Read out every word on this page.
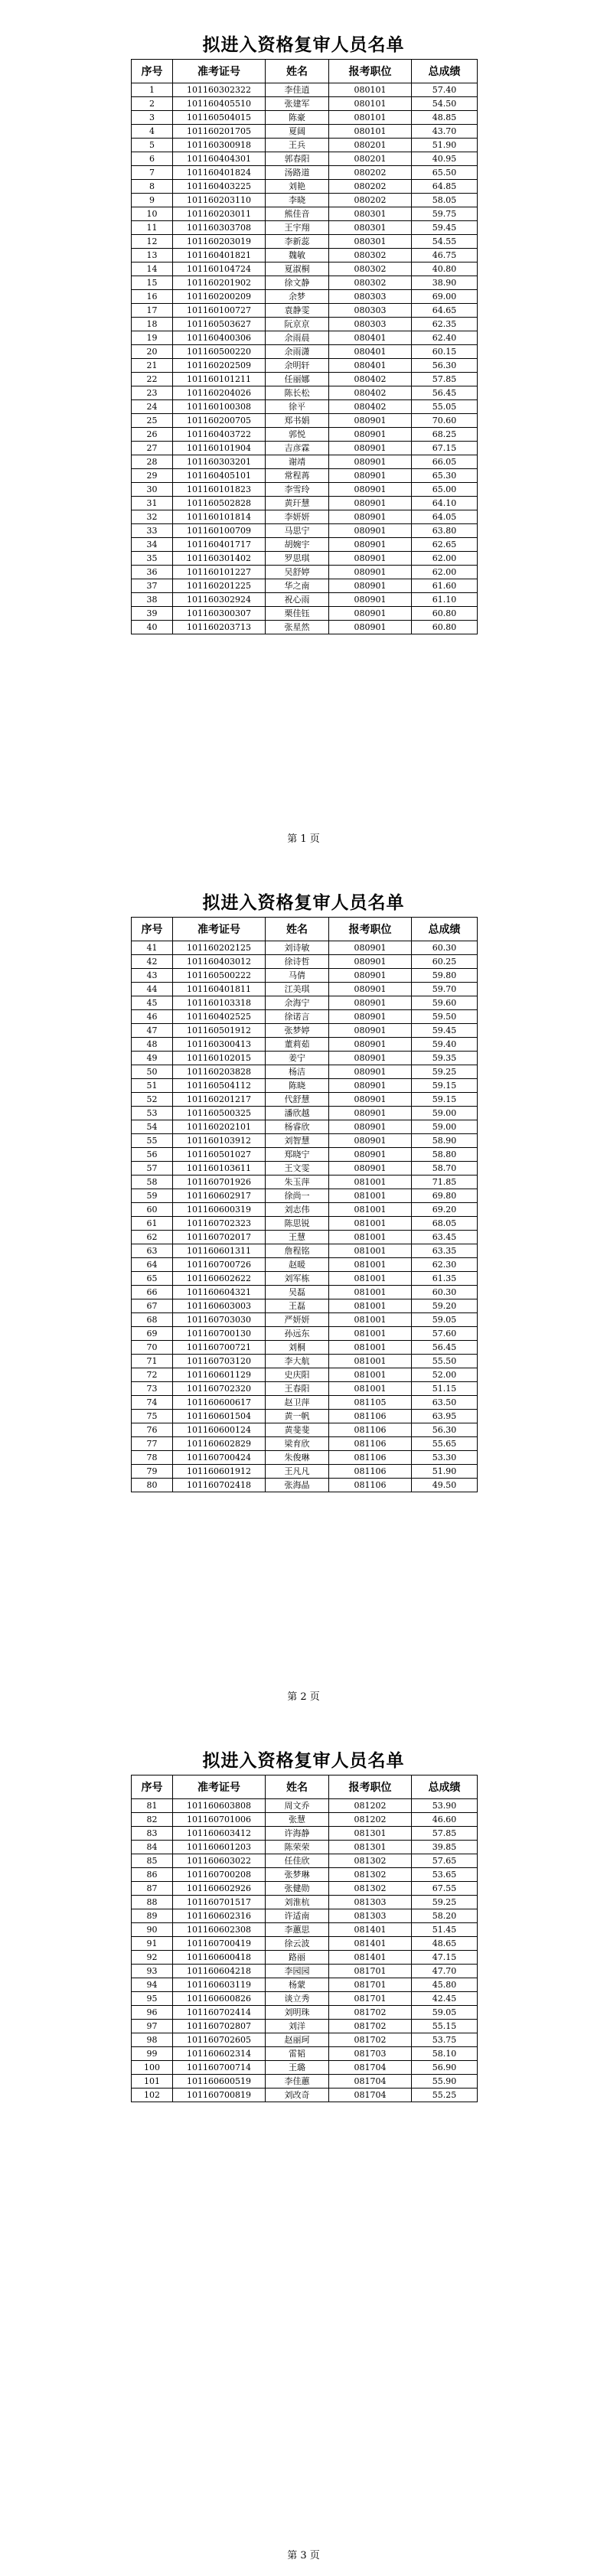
拟进入资格复审人员名单
序号	准考证号	姓名	报考职位	总成绩
1	101160302322	李佳逍	080101	57.40
2	101160405510	张建军	080101	54.50
3	101160504015	陈豪	080101	48.85
4	101160201705	夏阔	080101	43.70
5	101160300918	王兵	080201	51.90
6	101160404301	郭春阳	080201	40.95
7	101160401824	汤路道	080202	65.50
8	101160403225	刘艳	080202	64.85
9	101160203110	李晓	080202	58.05
10	101160203011	熊佳音	080301	59.75
11	101160303708	王宇翔	080301	59.45
12	101160203019	李新蕊	080301	54.55
13	101160401821	魏敏	080302	46.75
14	101160104724	夏淑桐	080302	40.80
15	101160201902	徐文静	080302	38.90
16	101160200209	余梦	080303	69.00
17	101160100727	袁静雯	080303	64.65
18	101160503627	阮京京	080303	62.35
19	101160400306	余雨晨	080401	62.40
20	101160500220	余雨潇	080401	60.15
21	101160202509	余明轩	080401	56.30
22	101160101211	任丽娜	080402	57.85
23	101160204026	陈长松	080402	56.45
24	101160100308	徐平	080402	55.05
25	101160200705	郑书娟	080901	70.60
26	101160403722	郭悦	080901	68.25
27	101160101904	吉彦霖	080901	67.15
28	101160303201	谢靖	080901	66.05
29	101160405101	常程苒	080901	65.30
30	101160101823	李雪玲	080901	65.00
31	101160502828	黄玕慧	080901	64.10
32	101160101814	李妍妍	080901	64.05
33	101160100709	马思宁	080901	63.80
34	101160401717	胡婉宇	080901	62.65
35	101160301402	罗思琪	080901	62.00
36	101160101227	吴舒婷	080901	62.00
37	101160201225	华之南	080901	61.60
38	101160302924	祝心雨	080901	61.10
39	101160300307	栗佳钰	080901	60.80
40	101160203713	张星然	080901	60.80
第 1 页
拟进入资格复审人员名单
序号	准考证号	姓名	报考职位	总成绩
41	101160202125	刘诗敏	080901	60.30
42	101160403012	徐诗哲	080901	60.25
43	101160500222	马倩	080901	59.80
44	101160401811	江美琪	080901	59.70
45	101160103318	余海宁	080901	59.60
46	101160402525	徐诺言	080901	59.50
47	101160501912	张梦婷	080901	59.45
48	101160300413	董莉茹	080901	59.40
49	101160102015	姜宁	080901	59.35
50	101160203828	杨洁	080901	59.25
51	101160504112	陈晓	080901	59.15
52	101160201217	代舒慧	080901	59.15
53	101160500325	潘欣越	080901	59.00
54	101160202101	杨睿欣	080901	59.00
55	101160103912	刘智慧	080901	58.90
56	101160501027	郑晓宁	080901	58.80
57	101160103611	王文雯	080901	58.70
58	101160701926	朱玉萍	081001	71.85
59	101160602917	徐尚一	081001	69.80
60	101160600319	刘志伟	081001	69.20
61	101160702323	陈思锐	081001	68.05
62	101160702017	王慧	081001	63.45
63	101160601311	詹程铭	081001	63.35
64	101160700726	赵暖	081001	62.30
65	101160602622	刘军栋	081001	61.35
66	101160604321	吴磊	081001	60.30
67	101160603003	王磊	081001	59.20
68	101160703030	严妍妍	081001	59.05
69	101160700130	孙远东	081001	57.60
70	101160700721	刘桐	081001	56.45
71	101160703120	李大航	081001	55.50
72	101160601129	史庆阳	081001	52.00
73	101160702320	王春阳	081001	51.15
74	101160600617	赵卫萍	081105	63.50
75	101160601504	黄一帆	081106	63.95
76	101160600124	黄斐斐	081106	56.30
77	101160602829	梁育欣	081106	55.65
78	101160700424	朱俊琳	081106	53.30
79	101160601912	王凡凡	081106	51.90
80	101160702418	张海晶	081106	49.50
第 2 页
拟进入资格复审人员名单
序号	准考证号	姓名	报考职位	总成绩
81	101160603808	周文乔	081202	53.90
82	101160701006	张慧	081202	46.60
83	101160603412	许海静	081301	57.85
84	101160601203	陈荣荣	081301	39.85
85	101160603022	任佳欣	081302	57.65
86	101160700208	张梦琳	081302	53.65
87	101160602926	张健勋	081302	67.55
88	101160701517	刘淮杭	081303	59.25
89	101160602316	许适南	081303	58.20
90	101160602308	李蕙思	081401	51.45
91	101160700419	徐云波	081401	48.65
92	101160600418	路丽	081401	47.15
93	101160604218	李园园	081701	47.70
94	101160603119	杨蒙	081701	45.80
95	101160600826	谈立秀	081701	42.45
96	101160702414	刘明珠	081702	59.05
97	101160702807	刘洋	081702	55.15
98	101160702605	赵丽珂	081702	53.75
99	101160602314	雷韬	081703	58.10
100	101160700714	王璐	081704	56.90
101	101160600519	李佳蕙	081704	55.90
102	101160700819	刘改奇	081704	55.25
第 3 页
